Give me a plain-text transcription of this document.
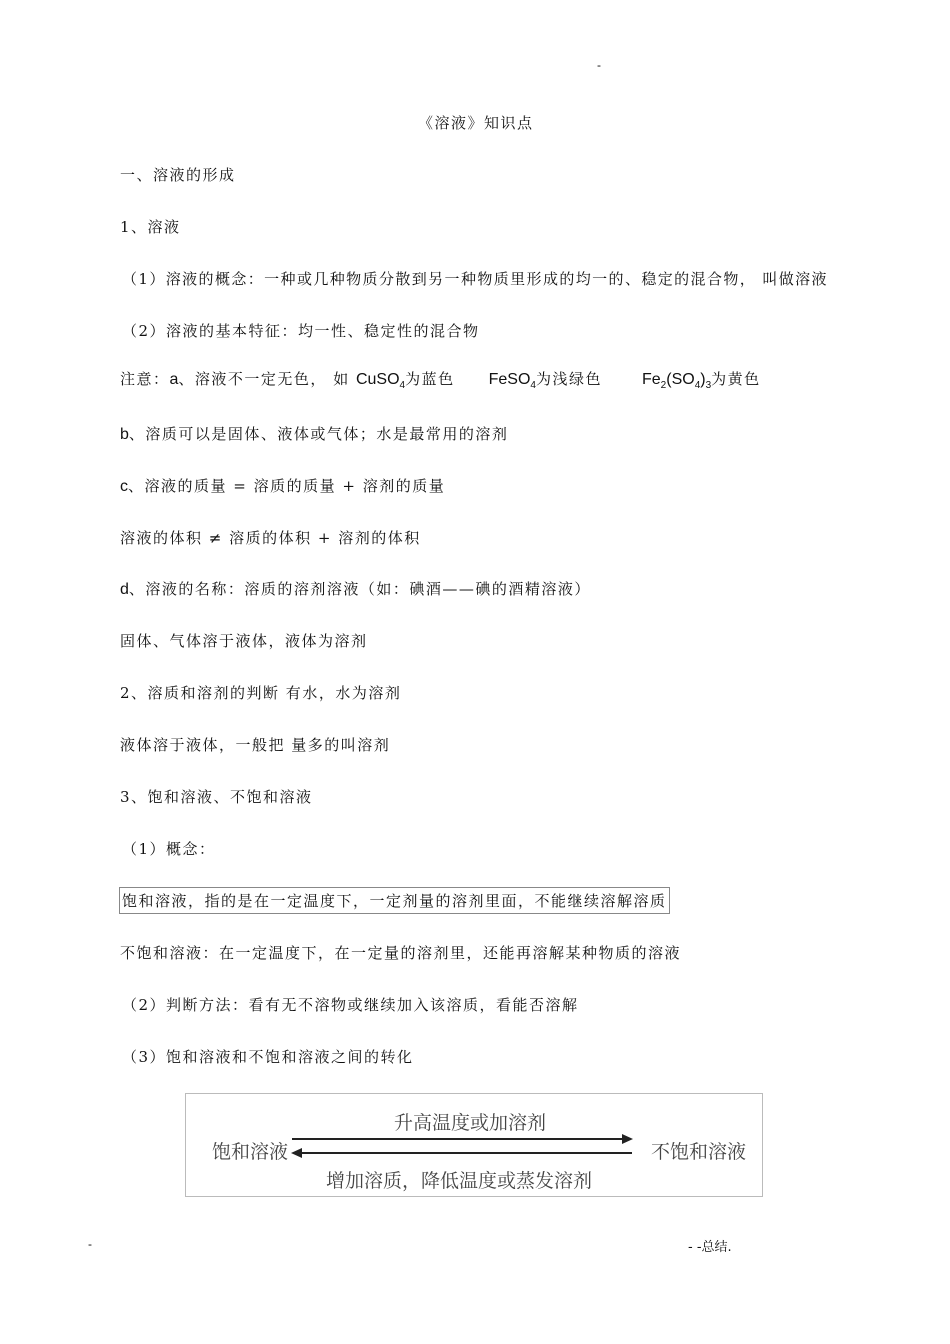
-
《溶液》知识点
一、溶液的形成
1、溶液
（1）溶液的概念：一种或几种物质分散到另一种物质里形成的均一的、稳定的混合物， 叫做溶液
（2）溶液的基本特征：均一性、稳定性的混合物
注意：a、溶液不一定无色， 如 CuSO$_4$为蓝色 FeSO$_4$为浅绿色	$Fe_2(SO_4)_3$为黄色
b、溶质可以是固体、液体或气体；水是最常用的溶剂
c、溶液的质量 = 溶质的质量 + 溶剂的质量
溶液的体积 ≠ 溶质的体积 + 溶剂的体积
d、溶液的名称：溶质的溶剂溶液（如：碘酒——碘的酒精溶液）
固体、气体溶于液体，液体为溶剂
2、溶质和溶剂的判断 有水，水为溶剂
液体溶于液体，一般把 量多的叫溶剂
3、饱和溶液、不饱和溶液
（1）概念：
饱和溶液，指的是在一定温度下，一定剂量的溶剂里面，不能继续溶解溶质
不饱和溶液：在一定温度下，在一定量的溶剂里，还能再溶解某种物质的溶液
（2）判断方法：看有无不溶物或继续加入该溶质，看能否溶解
（3）饱和溶液和不饱和溶液之间的转化
升高温度或加溶剂
饱和溶液	不饱和溶液
增加溶质，降低温度或蒸发溶剂
-	- -总结.
